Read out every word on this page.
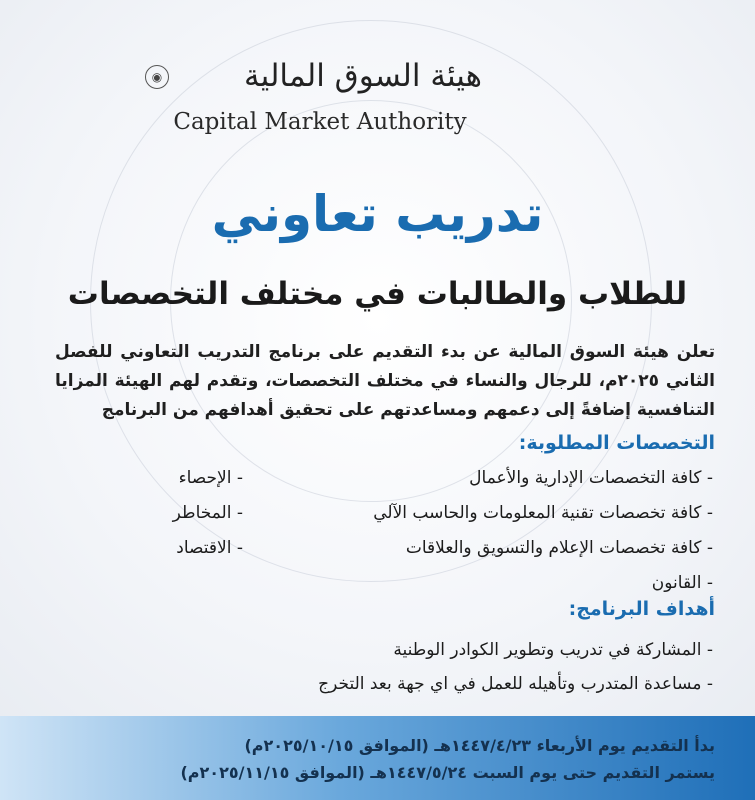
◉	هيئة السوق المالية
Capital Market Authority
تدريب تعاوني
للطلاب والطالبات في مختلف التخصصات
تعلن هيئة السوق المالية عن بدء التقديم على برنامج التدريب التعاوني للفصل الثاني ٢٠٢٥م، للرجال والنساء في مختلف التخصصات، وتقدم لهم الهيئة المزايا التنافسية إضافةً إلى دعمهم ومساعدتهم على تحقيق أهدافهم من البرنامج
التخصصات المطلوبة:
- كافة التخصصات الإدارية والأعمال
- الإحصاء
- كافة تخصصات تقنية المعلومات والحاسب الآلي
- المخاطر
- كافة تخصصات الإعلام والتسويق والعلاقات
- الاقتصاد
- القانون
أهداف البرنامج:
- المشاركة في تدريب وتطوير الكوادر الوطنية
- مساعدة المتدرب وتأهيله للعمل في اي جهة بعد التخرج
بدأ التقديم يوم الأربعاء ١٤٤٧/٤/٢٣هـ (الموافق ٢٠٢٥/١٠/١٥م)
يستمر التقديم حتى يوم السبت ١٤٤٧/٥/٢٤هـ (الموافق ٢٠٢٥/١١/١٥م)
